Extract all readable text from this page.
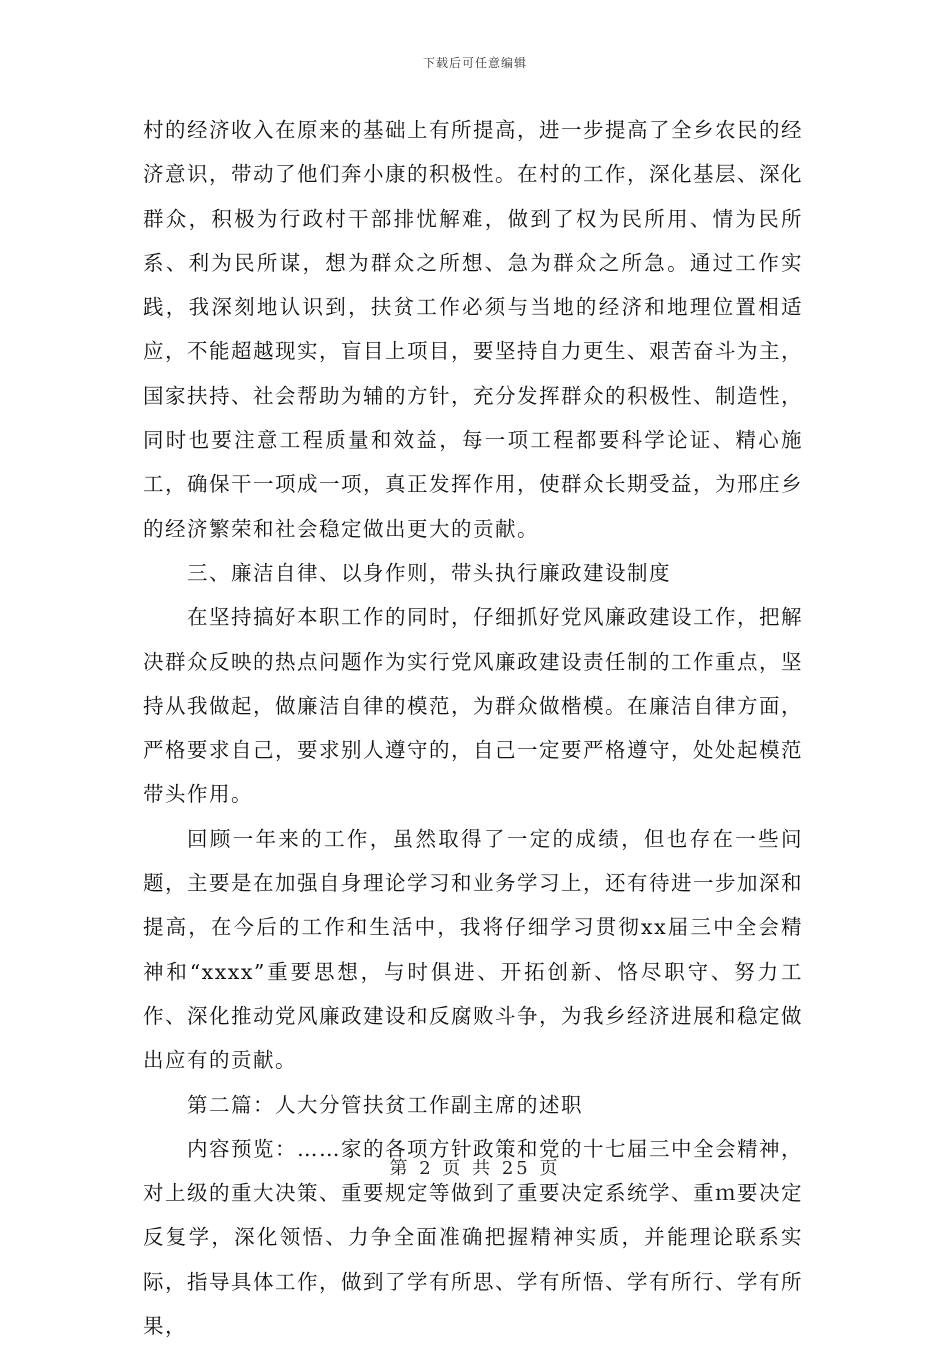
下载后可任意编辑

村的经济收入在原来的基础上有所提高，进一步提高了全乡农民的经济意识，带动了他们奔小康的积极性。在村的工作，深化基层、深化群众，积极为行政村干部排忧解难，做到了权为民所用、情为民所系、利为民所谋，想为群众之所想、急为群众之所急。通过工作实践，我深刻地认识到，扶贫工作必须与当地的经济和地理位置相适应，不能超越现实，盲目上项目，要坚持自力更生、艰苦奋斗为主，国家扶持、社会帮助为辅的方针，充分发挥群众的积极性、制造性，同时也要注意工程质量和效益，每一项工程都要科学论证、精心施工，确保干一项成一项，真正发挥作用，使群众长期受益，为邢庄乡的经济繁荣和社会稳定做出更大的贡献。

三、廉洁自律、以身作则，带头执行廉政建设制度

在坚持搞好本职工作的同时，仔细抓好党风廉政建设工作，把解决群众反映的热点问题作为实行党风廉政建设责任制的工作重点，坚持从我做起，做廉洁自律的模范，为群众做楷模。在廉洁自律方面，严格要求自己，要求别人遵守的，自己一定要严格遵守，处处起模范带头作用。

回顾一年来的工作，虽然取得了一定的成绩，但也存在一些问题，主要是在加强自身理论学习和业务学习上，还有待进一步加深和提高，在今后的工作和生活中，我将仔细学习贯彻xx届三中全会精神和“xxxx”重要思想，与时俱进、开拓创新、恪尽职守、努力工作、深化推动党风廉政建设和反腐败斗争，为我乡经济进展和稳定做出应有的贡献。

第二篇：人大分管扶贫工作副主席的述职

内容预览：……家的各项方针政策和党的十七届三中全会精神，对上级的重大决策、重要规定等做到了重要决定系统学、重ｍ要决定反复学，深化领悟、力争全面准确把握精神实质，并能理论联系实际，指导具体工作，做到了学有所思、学有所悟、学有所行、学有所果，

第 2 页 共 25 页
